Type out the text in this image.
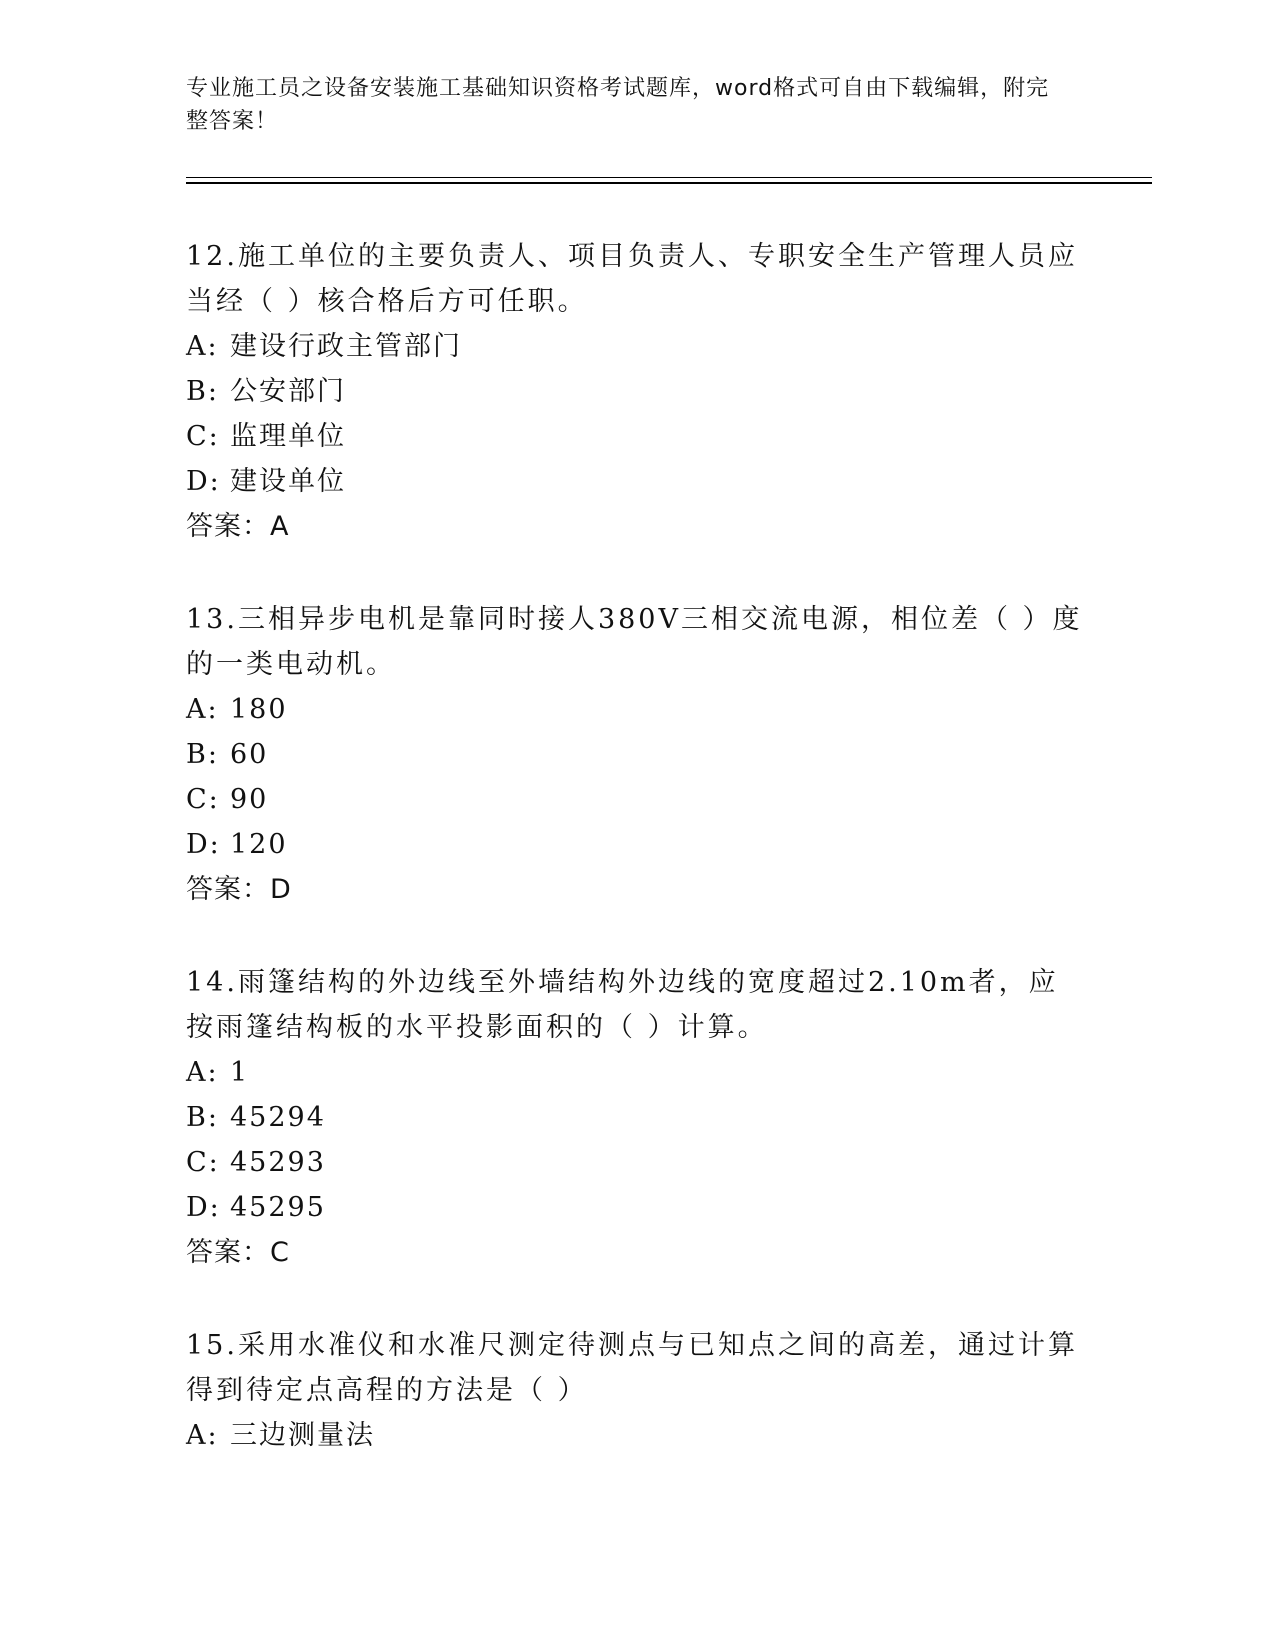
专业施工员之设备安装施工基础知识资格考试题库，word格式可自由下载编辑，附完整答案！

12.施工单位的主要负责人、项目负责人、专职安全生产管理人员应当经（ ）核合格后方可任职。

A: 建设行政主管部门
B: 公安部门
C: 监理单位
D: 建设单位

答案：A

13.三相异步电机是靠同时接人380V三相交流电源，相位差（ ）度的一类电动机。

A: 180
B: 60
C: 90
D: 120

答案：D

14.雨篷结构的外边线至外墙结构外边线的宽度超过2.10m者，应按雨篷结构板的水平投影面积的（ ）计算。

A: 1
B: 45294
C: 45293
D: 45295

答案：C

15.采用水准仪和水准尺测定待测点与已知点之间的高差，通过计算得到待定点高程的方法是（ ）

A: 三边测量法
